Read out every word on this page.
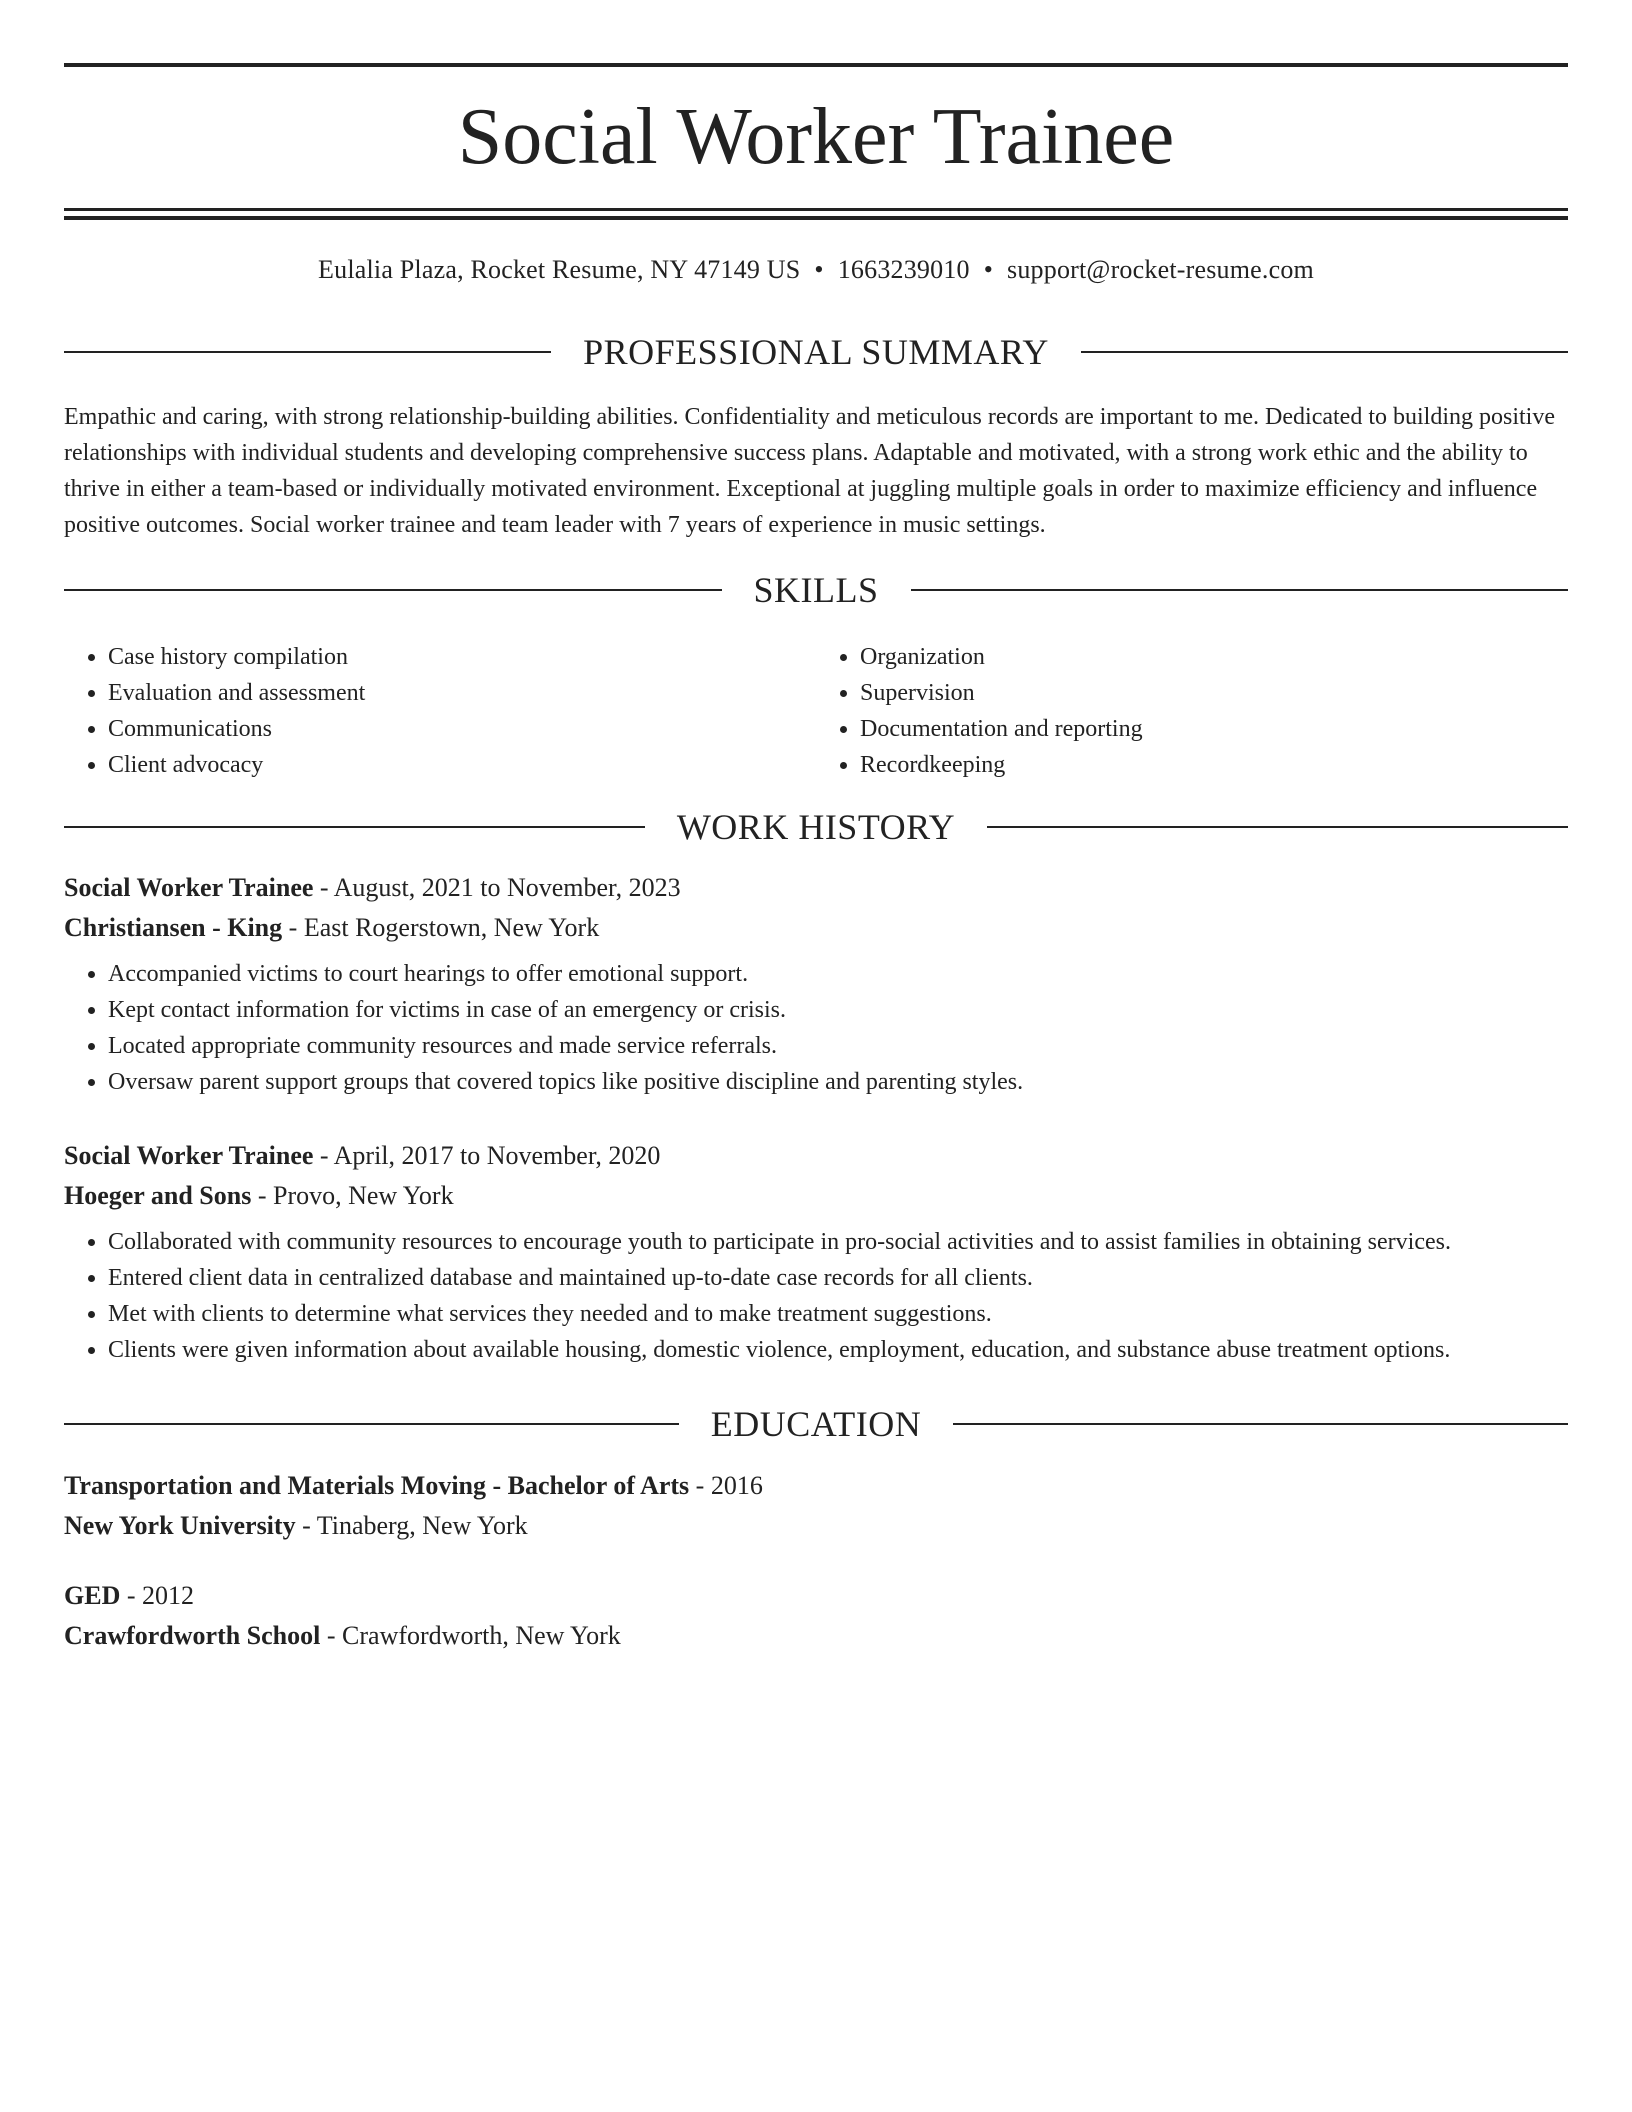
Social Worker Trainee
Eulalia Plaza, Rocket Resume, NY 47149 US • 1663239010 • support@rocket-resume.com
PROFESSIONAL SUMMARY
Empathic and caring, with strong relationship-building abilities. Confidentiality and meticulous records are important to me. Dedicated to building positive relationships with individual students and developing comprehensive success plans. Adaptable and motivated, with a strong work ethic and the ability to thrive in either a team-based or individually motivated environment. Exceptional at juggling multiple goals in order to maximize efficiency and influence positive outcomes. Social worker trainee and team leader with 7 years of experience in music settings.
SKILLS
• Case history compilation
• Evaluation and assessment
• Communications
• Client advocacy
• Organization
• Supervision
• Documentation and reporting
• Recordkeeping
WORK HISTORY
Social Worker Trainee - August, 2021 to November, 2023
Christiansen - King - East Rogerstown, New York
• Accompanied victims to court hearings to offer emotional support.
• Kept contact information for victims in case of an emergency or crisis.
• Located appropriate community resources and made service referrals.
• Oversaw parent support groups that covered topics like positive discipline and parenting styles.
Social Worker Trainee - April, 2017 to November, 2020
Hoeger and Sons - Provo, New York
• Collaborated with community resources to encourage youth to participate in pro-social activities and to assist families in obtaining services.
• Entered client data in centralized database and maintained up-to-date case records for all clients.
• Met with clients to determine what services they needed and to make treatment suggestions.
• Clients were given information about available housing, domestic violence, employment, education, and substance abuse treatment options.
EDUCATION
Transportation and Materials Moving - Bachelor of Arts - 2016
New York University - Tinaberg, New York
GED - 2012
Crawfordworth School - Crawfordworth, New York
